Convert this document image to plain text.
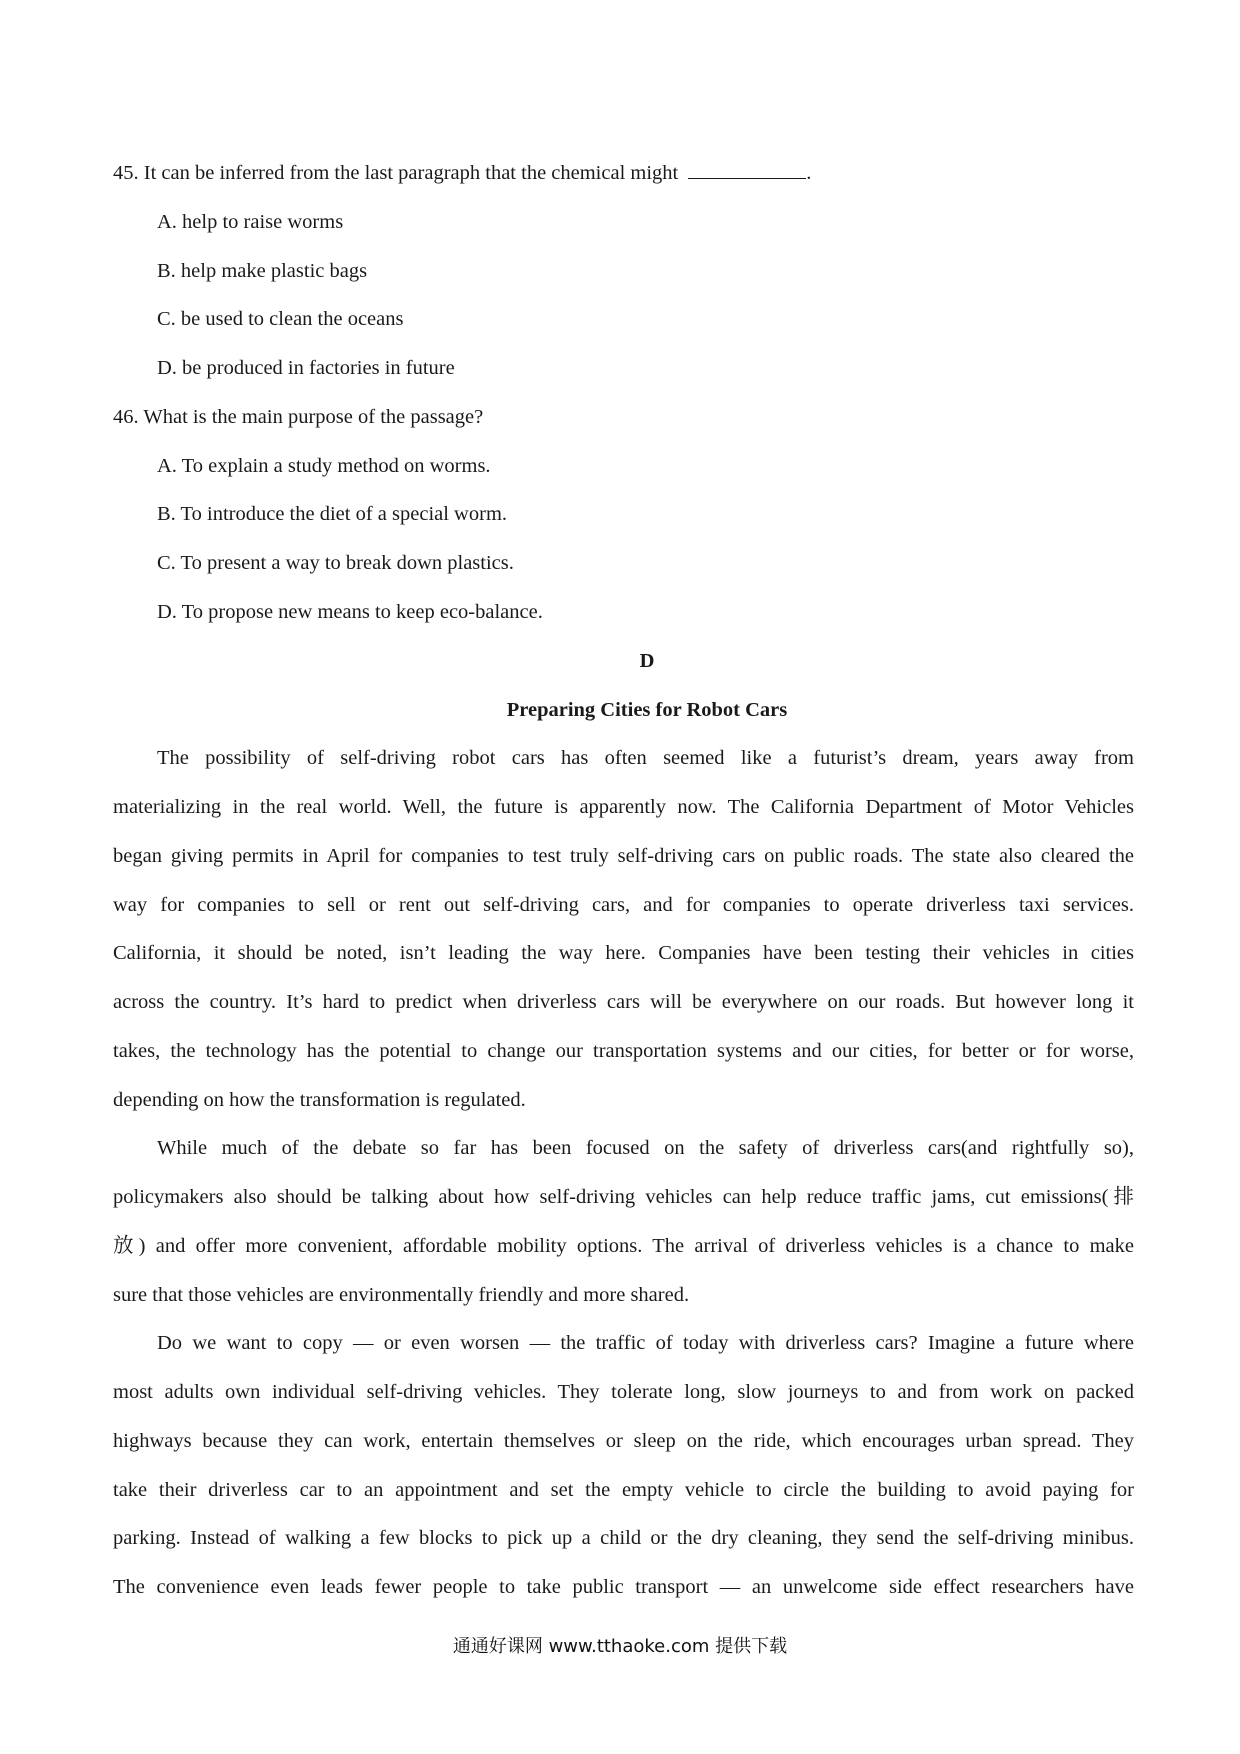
45. It can be inferred from the last paragraph that the chemical might	.
A. help to raise worms
B. help make plastic bags
C. be used to clean the oceans
D. be produced in factories in future
46. What is the main purpose of the passage?
A. To explain a study method on worms.
B. To introduce the diet of a special worm.
C. To present a way to break down plastics.
D. To propose new means to keep eco-balance.
D
Preparing Cities for Robot Cars
The possibility of self-driving robot cars has often seemed like a futurist’s dream, years away from
materializing in the real world. Well, the future is apparently now. The California Department of Motor Vehicles
began giving permits in April for companies to test truly self-driving cars on public roads. The state also cleared the
way for companies to sell or rent out self-driving cars, and for companies to operate driverless taxi services.
California, it should be noted, isn’t leading the way here. Companies have been testing their vehicles in cities
across the country. It’s hard to predict when driverless cars will be everywhere on our roads. But however long it
takes, the technology has the potential to change our transportation systems and our cities, for better or for worse,
depending on how the transformation is regulated.
While much of the debate so far has been focused on the safety of driverless cars(and rightfully so),
policymakers also should be talking about how self-driving vehicles can help reduce traffic jams, cut emissions(排
放) and offer more convenient, affordable mobility options. The arrival of driverless vehicles is a chance to make
sure that those vehicles are environmentally friendly and more shared.
Do we want to copy — or even worsen — the traffic of today with driverless cars? Imagine a future where
most adults own individual self-driving vehicles. They tolerate long, slow journeys to and from work on packed
highways because they can work, entertain themselves or sleep on the ride, which encourages urban spread. They
take their driverless car to an appointment and set the empty vehicle to circle the building to avoid paying for
parking. Instead of walking a few blocks to pick up a child or the dry cleaning, they send the self-driving minibus.
The convenience even leads fewer people to take public transport — an unwelcome side effect researchers have
通通好课网 www.tthaoke.com 提供下载
